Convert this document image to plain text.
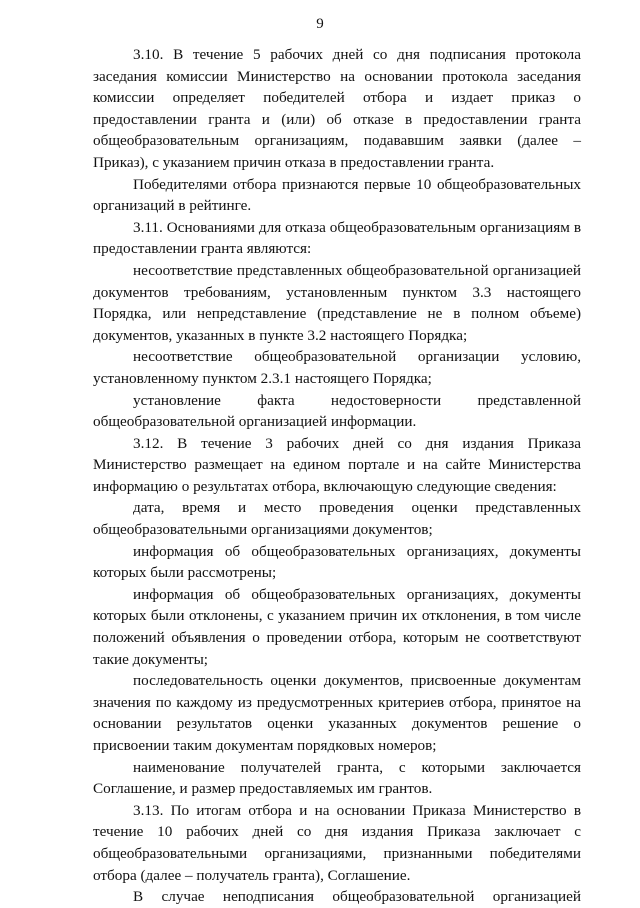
9

3.10. В течение 5 рабочих дней со дня подписания протокола заседания комиссии Министерство на основании протокола заседания комиссии определяет победителей отбора и издает приказ о предоставлении гранта и (или) об отказе в предоставлении гранта общеобразовательным организациям, подававшим заявки (далее – Приказ), с указанием причин отказа в предоставлении гранта.

Победителями отбора признаются первые 10 общеобразовательных организаций в рейтинге.

3.11. Основаниями для отказа общеобразовательным организациям в предоставлении гранта являются:

несоответствие представленных общеобразовательной организацией документов требованиям, установленным пунктом 3.3 настоящего Порядка, или непредставление (представление не в полном объеме) документов, указанных в пункте 3.2 настоящего Порядка;

несоответствие общеобразовательной организации условию, установленному пунктом 2.3.1 настоящего Порядка;

установление факта недостоверности представленной общеобразовательной организацией информации.

3.12. В течение 3 рабочих дней со дня издания Приказа Министерство размещает на едином портале и на сайте Министерства информацию о результатах отбора, включающую следующие сведения:

дата, время и место проведения оценки представленных общеобразовательными организациями документов;

информация об общеобразовательных организациях, документы которых были рассмотрены;

информация об общеобразовательных организациях, документы которых были отклонены, с указанием причин их отклонения, в том числе положений объявления о проведении отбора, которым не соответствуют такие документы;

последовательность оценки документов, присвоенные документам значения по каждому из предусмотренных критериев отбора, принятое на основании результатов оценки указанных документов решение о присвоении таким документам порядковых номеров;

наименование получателей гранта, с которыми заключается Соглашение, и размер предоставляемых им грантов.

3.13. По итогам отбора и на основании Приказа Министерство в течение 10 рабочих дней со дня издания Приказа заключает с общеобразовательными организациями, признанными победителями отбора (далее – получатель гранта), Соглашение.

В случае неподписания общеобразовательной организацией
